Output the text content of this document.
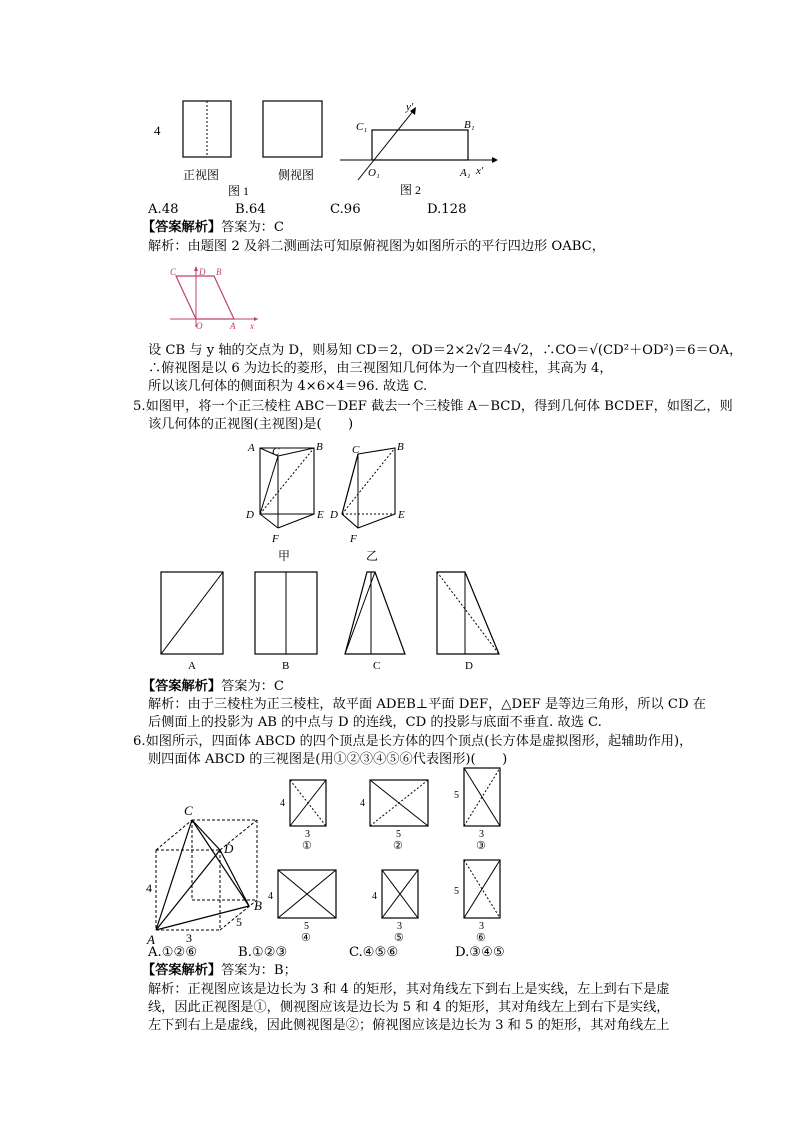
4
正视图	侧视图
图 1
C₁	B₁
O₁	A₁ x′
y′
图 2
A.48	B.64	C.96	D.128
【答案解析】答案为：C
解析：由题图 2 及斜二测画法可知原俯视图为如图所示的平行四边形 OABC，
C	D B
O	A x
设 CB 与 y 轴的交点为 D，则易知 CD＝2，OD＝2×2√2＝4√2，∴CO＝√(CD²＋OD²)＝6＝OA，
∴俯视图是以 6 为边长的菱形，由三视图知几何体为一个直四棱柱，其高为 4，
所以该几何体的侧面积为 4×6×4＝96. 故选 C.
5.如图甲，将一个正三棱柱 ABC－DEF 截去一个三棱锥 A－BCD，得到几何体 BCDEF，如图乙，则
该几何体的正视图(主视图)是(　　)
A C	B
D	E
F
甲
C	B
D	E
F
乙
A	B	C	D
【答案解析】答案为：C
解析：由于三棱柱为正三棱柱，故平面 ADEB⊥平面 DEF，△DEF 是等边三角形，所以 CD 在
后侧面上的投影为 AB 的中点与 D 的连线，CD 的投影与底面不垂直. 故选 C.
6.如图所示，四面体 ABCD 的四个顶点是长方体的四个顶点(长方体是虚拟图形，起辅助作用)，
则四面体 ABCD 的三视图是(用①②③④⑤⑥代表图形)(　　)
C
D
A
B
4
3
5
4
3
①
4
5
②
5
3
③
4
5
④
4
3
⑤
5
3
⑥
A.①②⑥	B.①②③	C.④⑤⑥	D.③④⑤
【答案解析】答案为：B；
解析：正视图应该是边长为 3 和 4 的矩形，其对角线左下到右上是实线，左上到右下是虚
线，因此正视图是①，侧视图应该是边长为 5 和 4 的矩形，其对角线左上到右下是实线，
左下到右上是虚线，因此侧视图是②；俯视图应该是边长为 3 和 5 的矩形，其对角线左上
